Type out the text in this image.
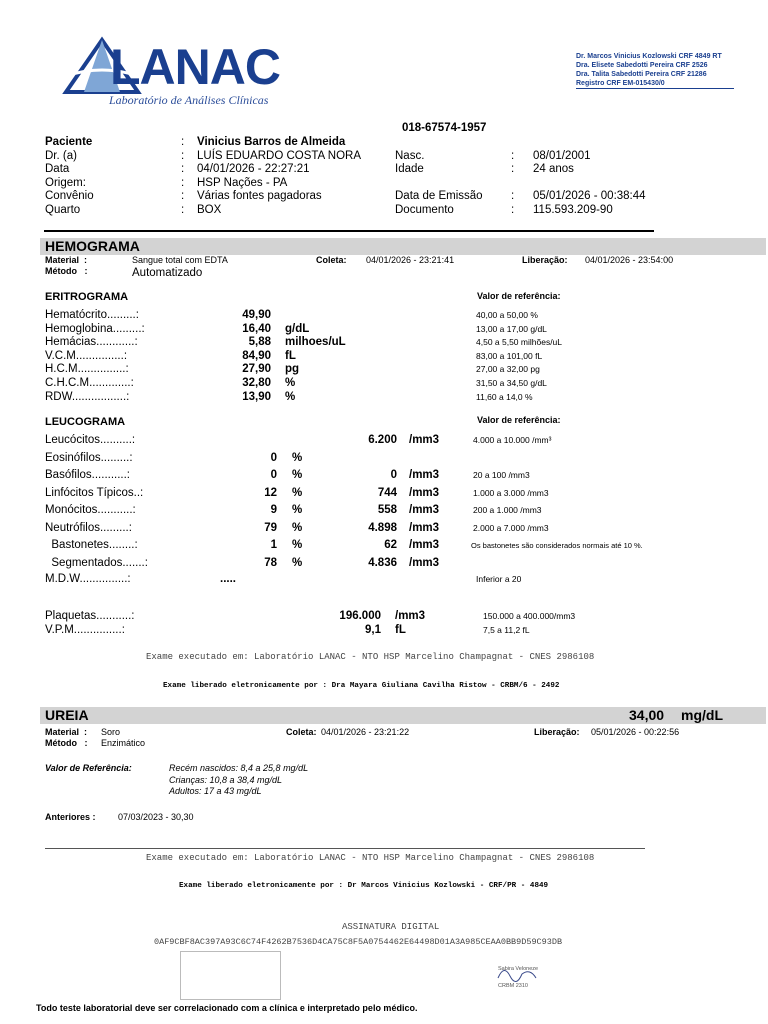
LANAC
Laboratório de Análises Clínicas
Dr. Marcos Vinicius Kozlowski CRF 4849 RT
Dra. Elisete Sabedotti Pereira CRF 2526
Dra. Talita Sabedotti Pereira CRF 21286
Registro CRF EM-015430/0
018-67574-1957
Paciente	: Vinicius Barros de Almeida
Dr. (a)	: LUÍS EDUARDO COSTA NORA
Data	: 04/01/2026 - 22:27:21
Origem:	: HSP Nações - PA
Convênio	: Várias fontes pagadoras
Quarto	: BOX
Nasc.	: 08/01/2001
Idade	: 24 anos
Data de Emissão : 05/01/2026 - 00:38:44
Documento	: 115.593.209-90
HEMOGRAMA
Material  :	Sangue total com EDTA
Método   :	Automatizado
Coleta: 04/01/2026 - 23:21:41	Liberação: 04/01/2026 - 23:54:00
ERITROGRAMA	Valor de referência:
Hematócrito.........:	49,90	40,00 a 50,00 %
Hemoglobina.........:	16,40 g/dL	13,00 a 17,00 g/dL
Hemácias............:	5,88 milhoes/uL	4,50 a 5,50 milhões/uL
V.C.M...............:	84,90 fL	83,00 a 101,00 fL
H.C.M...............:	27,90 pg	27,00 a 32,00 pg
C.H.C.M.............:	32,80 %	31,50 a 34,50 g/dL
RDW.................:	13,90 %	11,60 a 14,0 %
LEUCOGRAMA	Valor de referência:
Leucócitos..........:	6.200 /mm3	4.000 a 10.000 /mm³
Eosinófilos.........:	0 %
Basófilos...........:	0 %	0 /mm3	20 a 100 /mm3
Linfócitos Típicos..:	12 %	744 /mm3	1.000 a 3.000 /mm3
Monócitos...........:	9 %	558 /mm3	200 a 1.000 /mm3
Neutrófilos.........:	79 %	4.898 /mm3	2.000 a 7.000 /mm3
Bastonetes........:	1 %	62 /mm3	Os bastonetes são considerados normais até 10 %.
Segmentados.......:	78 %	4.836 /mm3
M.D.W...............:	.....	Inferior a 20
Plaquetas...........:	196.000 /mm3	150.000 a 400.000/mm3
V.P.M...............:	9,1 fL	7,5 a 11,2 fL
Exame executado em: Laboratório LANAC - NTO HSP Marcelino Champagnat - CNES 2986108
Exame liberado eletronicamente por : Dra Mayara Giuliana Cavilha Ristow - CRBM/6 - 2492
UREIA	34,00 mg/dL
Material  : Soro
Método   : Enzimático
Coleta: 04/01/2026 - 23:21:22	Liberação: 05/01/2026 - 00:22:56
Valor de Referência:	Recém nascidos: 8,4 a 25,8 mg/dL
Crianças: 10,8 a 38,4 mg/dL
Adultos: 17 a 43 mg/dL
Anteriores : 07/03/2023 - 30,30
Exame executado em: Laboratório LANAC - NTO HSP Marcelino Champagnat - CNES 2986108
Exame liberado eletronicamente por : Dr Marcos Vinicius Kozlowski - CRF/PR - 4849
ASSINATURA DIGITAL
0AF9CBF8AC397A93C6C74F4262B7536D4CA75C8F5A0754462E64498D01A3A985CEAA0BB9D59C93DB
Sabira Veloneze
CRBM 2310
Todo teste laboratorial deve ser correlacionado com a clínica e interpretado pelo médico.
